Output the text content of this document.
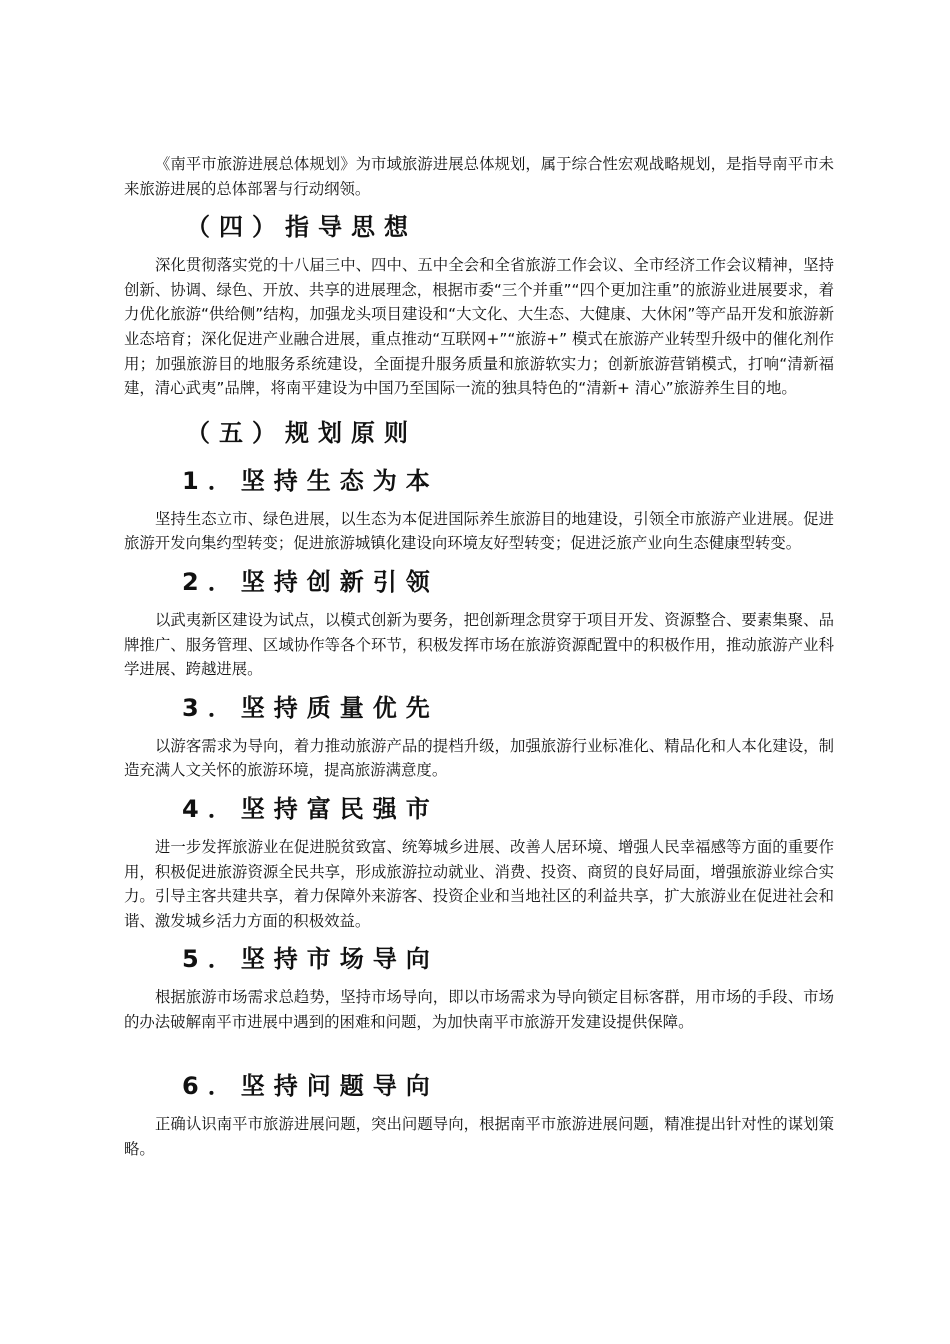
《南平市旅游进展总体规划》为市域旅游进展总体规划，属于综合性宏观战略规划，是指导南平市未来旅游进展的总体部署与行动纲领。

（四）指导思想

深化贯彻落实党的十八届三中、四中、五中全会和全省旅游工作会议、全市经济工作会议精神，坚持创新、协调、绿色、开放、共享的进展理念，根据市委“三个并重”“四个更加注重”的旅游业进展要求，着力优化旅游“供给侧”结构，加强龙头项目建设和“大文化、大生态、大健康、大休闲”等产品开发和旅游新业态培育；深化促进产业融合进展，重点推动“互联网+”“旅游+” 模式在旅游产业转型升级中的催化剂作用；加强旅游目的地服务系统建设，全面提升服务质量和旅游软实力；创新旅游营销模式，打响“清新福建，清心武夷”品牌，将南平建设为中国乃至国际一流的独具特色的“清新+ 清心”旅游养生目的地。

（五）规划原则
1．坚持生态为本

坚持生态立市、绿色进展，以生态为本促进国际养生旅游目的地建设，引领全市旅游产业进展。促进旅游开发向集约型转变；促进旅游城镇化建设向环境友好型转变；促进泛旅产业向生态健康型转变。

2．坚持创新引领

以武夷新区建设为试点，以模式创新为要务，把创新理念贯穿于项目开发、资源整合、要素集聚、品牌推广、服务管理、区域协作等各个环节，积极发挥市场在旅游资源配置中的积极作用，推动旅游产业科学进展、跨越进展。

3．坚持质量优先

以游客需求为导向，着力推动旅游产品的提档升级，加强旅游行业标准化、精品化和人本化建设，制造充满人文关怀的旅游环境，提高旅游满意度。

4．坚持富民强市

进一步发挥旅游业在促进脱贫致富、统筹城乡进展、改善人居环境、增强人民幸福感等方面的重要作用，积极促进旅游资源全民共享，形成旅游拉动就业、消费、投资、商贸的良好局面，增强旅游业综合实力。引导主客共建共享，着力保障外来游客、投资企业和当地社区的利益共享，扩大旅游业在促进社会和谐、激发城乡活力方面的积极效益。

5．坚持市场导向

根据旅游市场需求总趋势，坚持市场导向，即以市场需求为导向锁定目标客群，用市场的手段、市场的办法破解南平市进展中遇到的困难和问题，为加快南平市旅游开发建设提供保障。

6．坚持问题导向

正确认识南平市旅游进展问题，突出问题导向，根据南平市旅游进展问题，精准提出针对性的谋划策略。
